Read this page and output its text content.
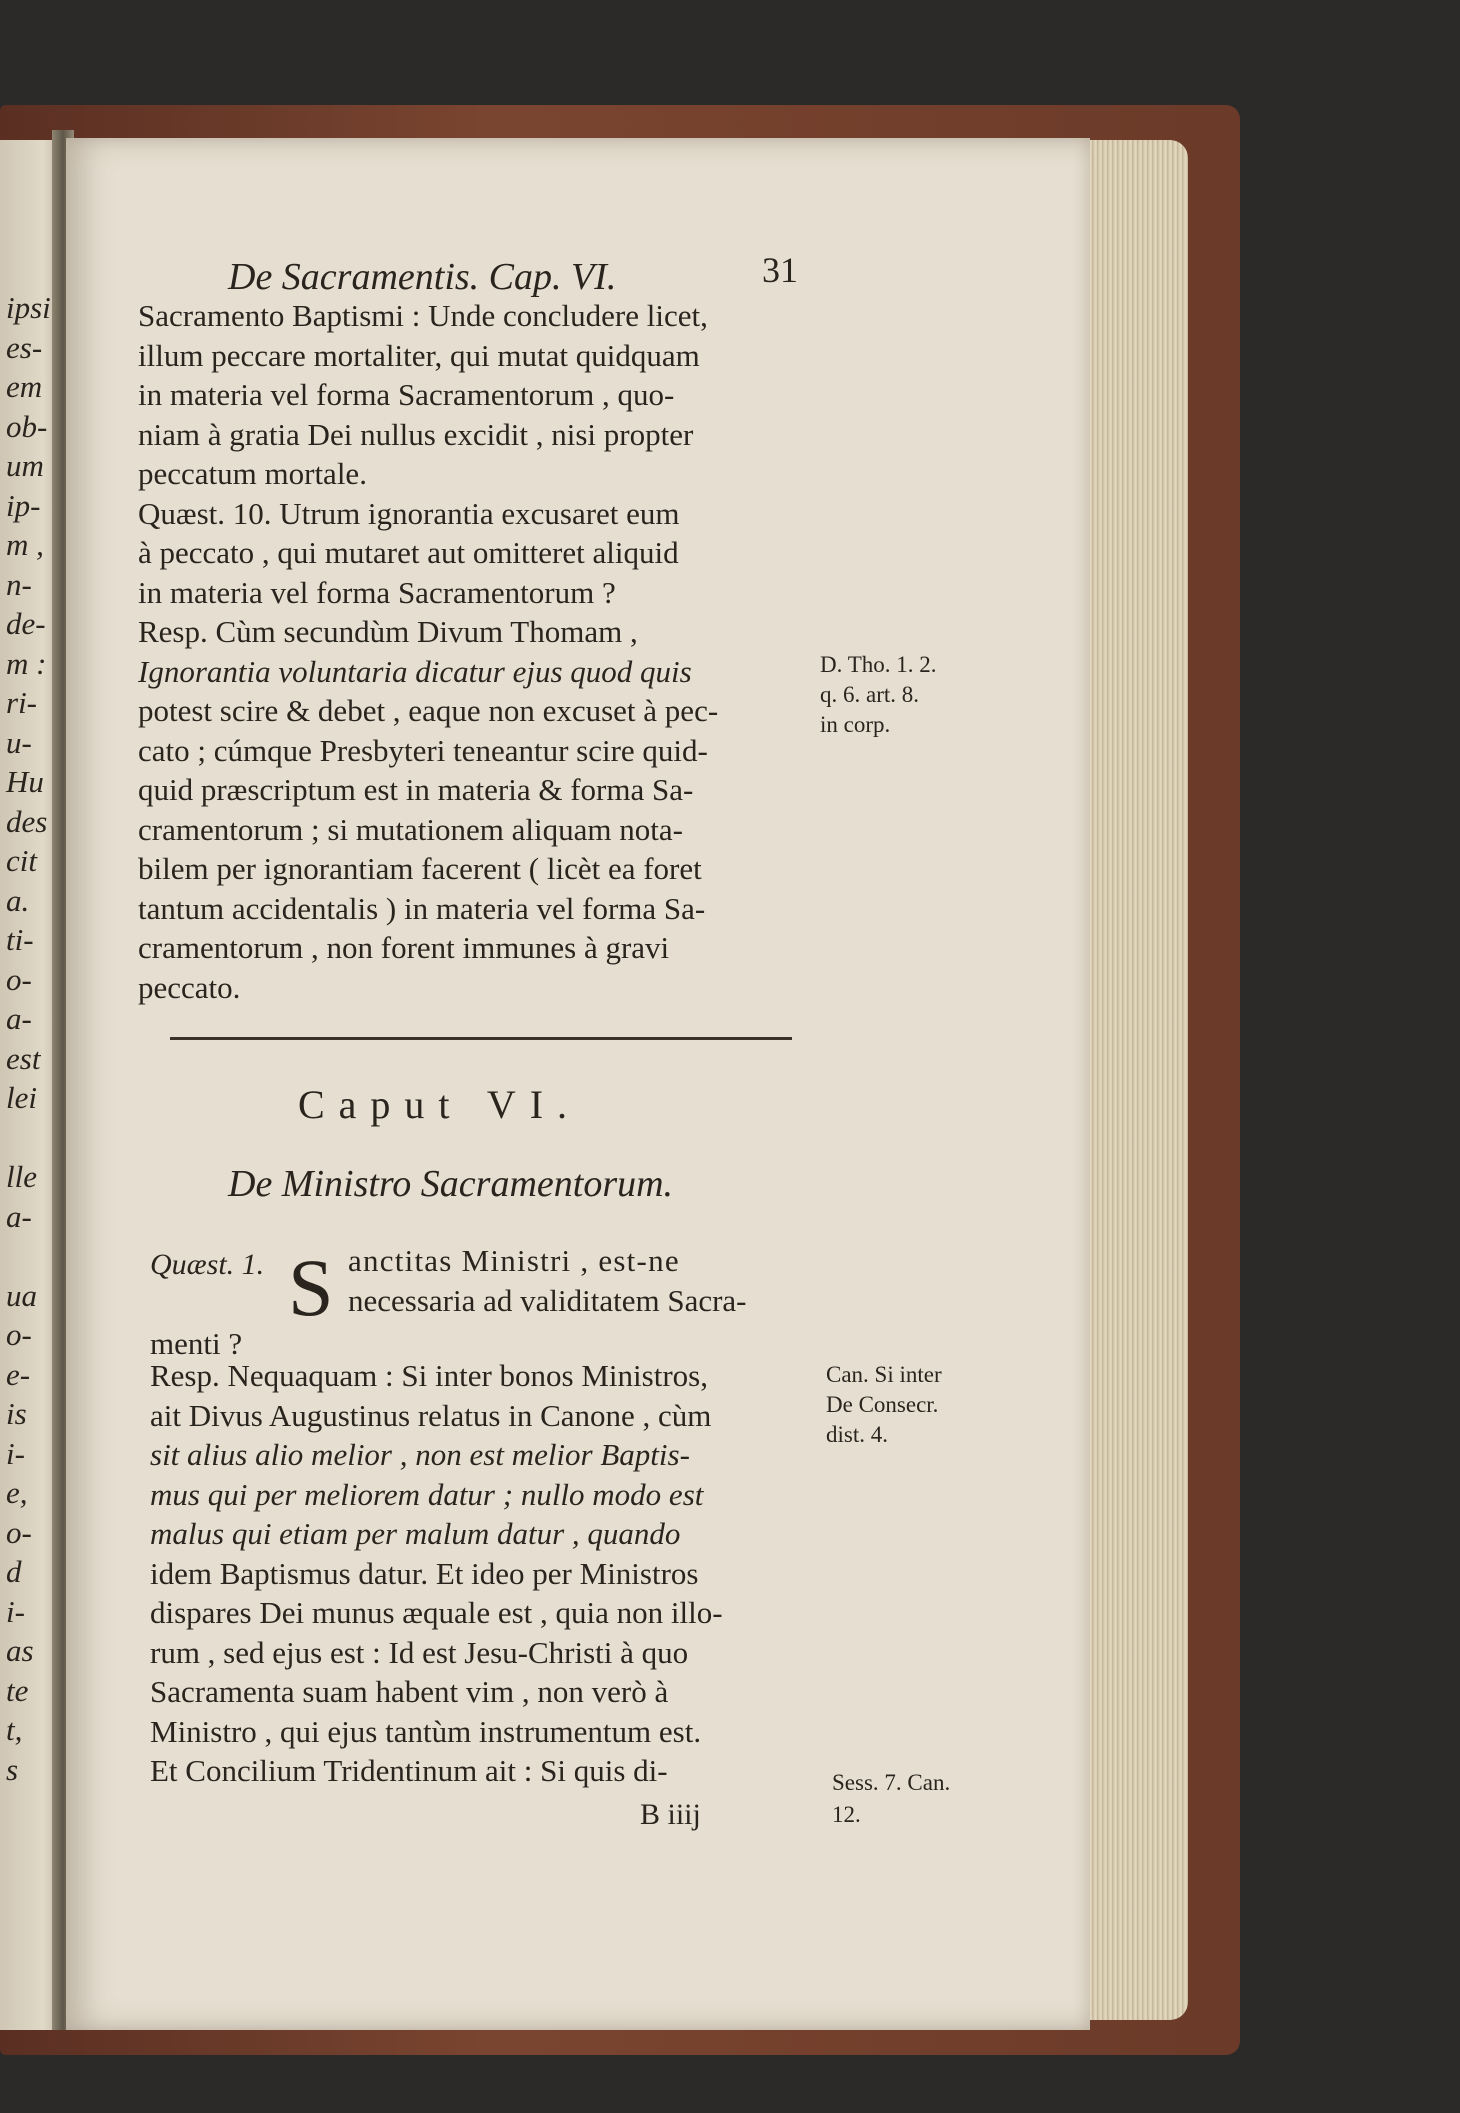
ipsi
es-
em
ob-
um
ip-
m ,
n-
de-
m :
ri-
u-
Hu
des
cit
a.
ti-
o-
a-
est
lei
lle
a-
ua
o-
e-
is
i-
e,
o-
d
i-
as
te
t,
s
De Sacramentis. Cap. VI.	31
Sacramento Baptismi : Unde concludere licet,
illum peccare mortaliter, qui mutat quidquam
in materia vel forma Sacramentorum , quo-
niam à gratia Dei nullus excidit , nisi propter
peccatum mortale.
Quæst. 10. Utrum ignorantia excusaret eum
à peccato , qui mutaret aut omitteret aliquid
in materia vel forma Sacramentorum ?
Resp. Cùm secundùm Divum Thomam ,
Ignorantia voluntaria dicatur ejus quod quis
potest scire & debet , eaque non excuset à pec-
cato ; cúmque Presbyteri teneantur scire quid-
quid præscriptum est in materia & forma Sa-
cramentorum ; si mutationem aliquam nota-
bilem per ignorantiam facerent ( licèt ea foret
tantum accidentalis ) in materia vel forma Sa-
cramentorum , non forent immunes à gravi
peccato.
D. Tho. 1. 2.
q. 6. art. 8.
in corp.
Caput VI.
De Ministro Sacramentorum.
Quæst. 1. S anctitas Ministri , est-ne
necessaria ad validitatem Sacra-
menti ?
Resp. Nequaquam : Si inter bonos Ministros,
ait Divus Augustinus relatus in Canone , cùm
sit alius alio melior , non est melior Baptis-
mus qui per meliorem datur ; nullo modo est
malus qui etiam per malum datur , quando
idem Baptismus datur. Et ideo per Ministros
dispares Dei munus æquale est , quia non illo-
rum , sed ejus est : Id est Jesu-Christi à quo
Sacramenta suam habent vim , non verò à
Ministro , qui ejus tantùm instrumentum est.
Et Concilium Tridentinum ait : Si quis di-
Can. Si inter
De Consecr.
dist. 4.
Sess. 7. Can.
12.
B iiij
